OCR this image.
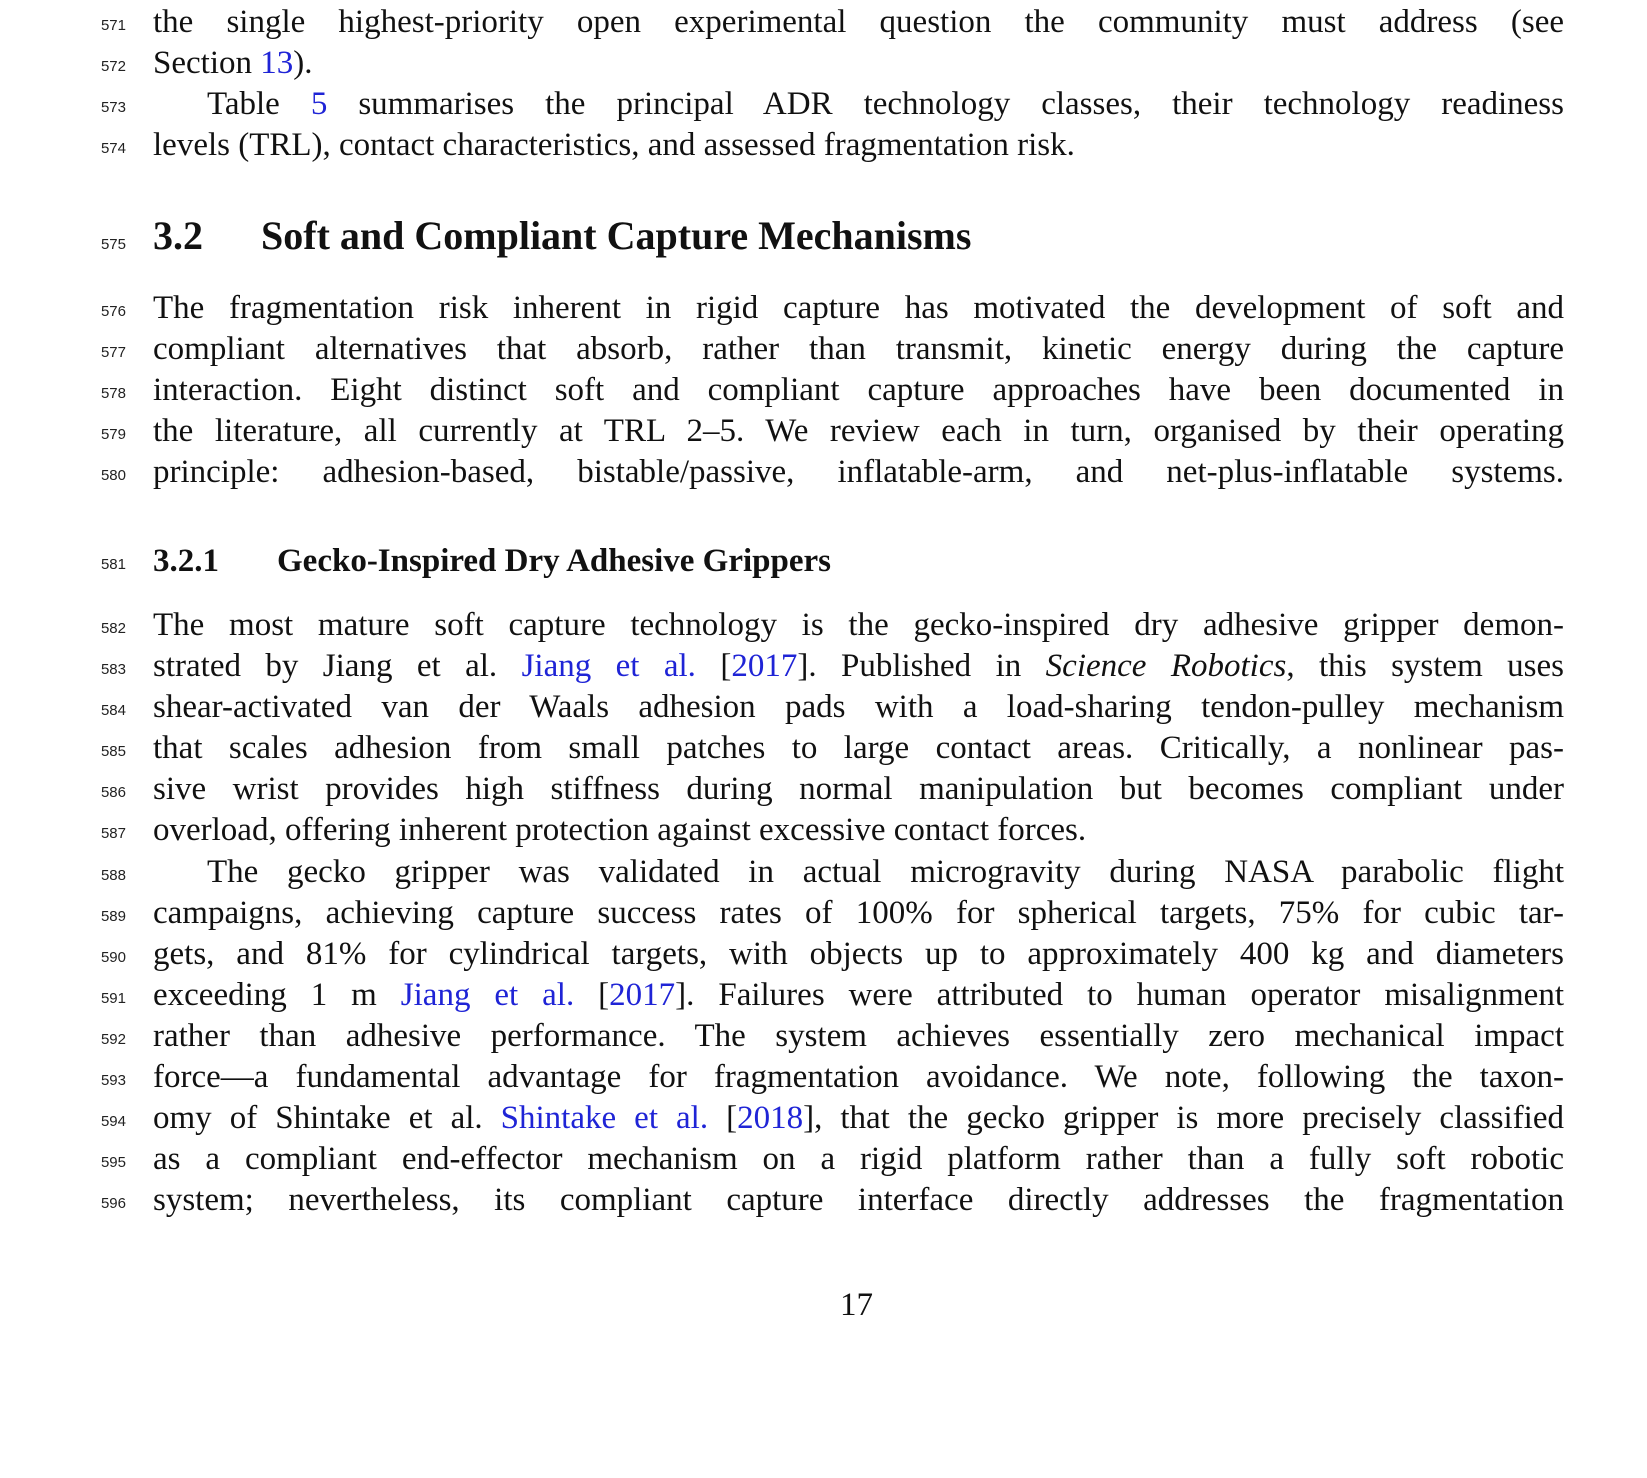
571 the single highest-priority open experimental question the community must address (see
572 Section 13).
573 Table 5 summarises the principal ADR technology classes, their technology readiness
574 levels (TRL), contact characteristics, and assessed fragmentation risk.
575 3.2 Soft and Compliant Capture Mechanisms
576 The fragmentation risk inherent in rigid capture has motivated the development of soft and
577 compliant alternatives that absorb, rather than transmit, kinetic energy during the capture
578 interaction. Eight distinct soft and compliant capture approaches have been documented in
579 the literature, all currently at TRL 2–5. We review each in turn, organised by their operating
580 principle: adhesion-based, bistable/passive, inflatable-arm, and net-plus-inflatable systems.
581 3.2.1 Gecko-Inspired Dry Adhesive Grippers
582 The most mature soft capture technology is the gecko-inspired dry adhesive gripper demon-
583 strated by Jiang et al. Jiang et al. [2017]. Published in Science Robotics, this system uses
584 shear-activated van der Waals adhesion pads with a load-sharing tendon-pulley mechanism
585 that scales adhesion from small patches to large contact areas. Critically, a nonlinear pas-
586 sive wrist provides high stiffness during normal manipulation but becomes compliant under
587 overload, offering inherent protection against excessive contact forces.
588 The gecko gripper was validated in actual microgravity during NASA parabolic flight
589 campaigns, achieving capture success rates of 100% for spherical targets, 75% for cubic tar-
590 gets, and 81% for cylindrical targets, with objects up to approximately 400 kg and diameters
591 exceeding 1 m Jiang et al. [2017]. Failures were attributed to human operator misalignment
592 rather than adhesive performance. The system achieves essentially zero mechanical impact
593 force—a fundamental advantage for fragmentation avoidance. We note, following the taxon-
594 omy of Shintake et al. Shintake et al. [2018], that the gecko gripper is more precisely classified
595 as a compliant end-effector mechanism on a rigid platform rather than a fully soft robotic
596 system; nevertheless, its compliant capture interface directly addresses the fragmentation
17
